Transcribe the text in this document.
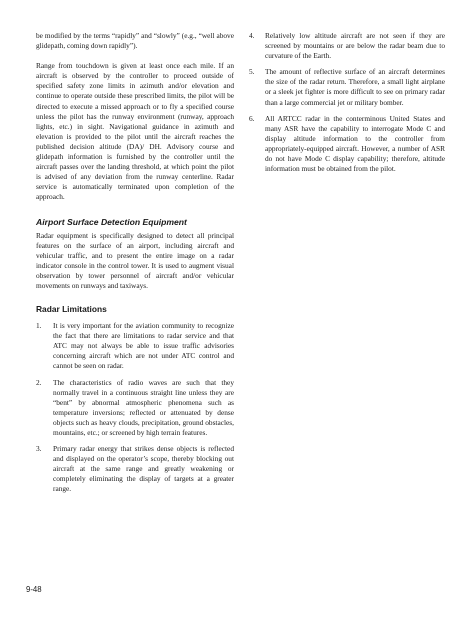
be modified by the terms “rapidly” and “slowly” (e.g., “well above glidepath, coming down rapidly”).

Range from touchdown is given at least once each mile. If an aircraft is observed by the controller to proceed outside of specified safety zone limits in azimuth and/or elevation and continue to operate outside these prescribed limits, the pilot will be directed to execute a missed approach or to fly a specified course unless the pilot has the runway environment (runway, approach lights, etc.) in sight. Navigational guidance in azimuth and elevation is provided to the pilot until the aircraft reaches the published decision altitude (DA)/ DH. Advisory course and glidepath information is furnished by the controller until the aircraft passes over the landing threshold, at which point the pilot is advised of any deviation from the runway centerline. Radar service is automatically terminated upon completion of the approach.

Airport Surface Detection Equipment

Radar equipment is specifically designed to detect all principal features on the surface of an airport, including aircraft and vehicular traffic, and to present the entire image on a radar indicator console in the control tower. It is used to augment visual observation by tower personnel of aircraft and/or vehicular movements on runways and taxiways.

Radar Limitations
1. It is very important for the aviation community to recognize the fact that there are limitations to radar service and that ATC may not always be able to issue traffic advisories concerning aircraft which are not under ATC control and cannot be seen on radar.

2. The characteristics of radio waves are such that they normally travel in a continuous straight line unless they are “bent” by abnormal atmospheric phenomena such as temperature inversions; reflected or attenuated by dense objects such as heavy clouds, precipitation, ground obstacles, mountains, etc.; or screened by high terrain features.

3. Primary radar energy that strikes dense objects is reflected and displayed on the operator’s scope, thereby blocking out aircraft at the same range and greatly weakening or completely eliminating the display of targets at a greater range.

4. Relatively low altitude aircraft are not seen if they are screened by mountains or are below the radar beam due to curvature of the Earth.

5. The amount of reflective surface of an aircraft determines the size of the radar return. Therefore, a small light airplane or a sleek jet fighter is more difficult to see on primary radar than a large commercial jet or military bomber.

6. All ARTCC radar in the conterminous United States and many ASR have the capability to interrogate Mode C and display altitude information to the controller from appropriately-equipped aircraft. However, a number of ASR do not have Mode C display capability; therefore, altitude information must be obtained from the pilot.

9-48
